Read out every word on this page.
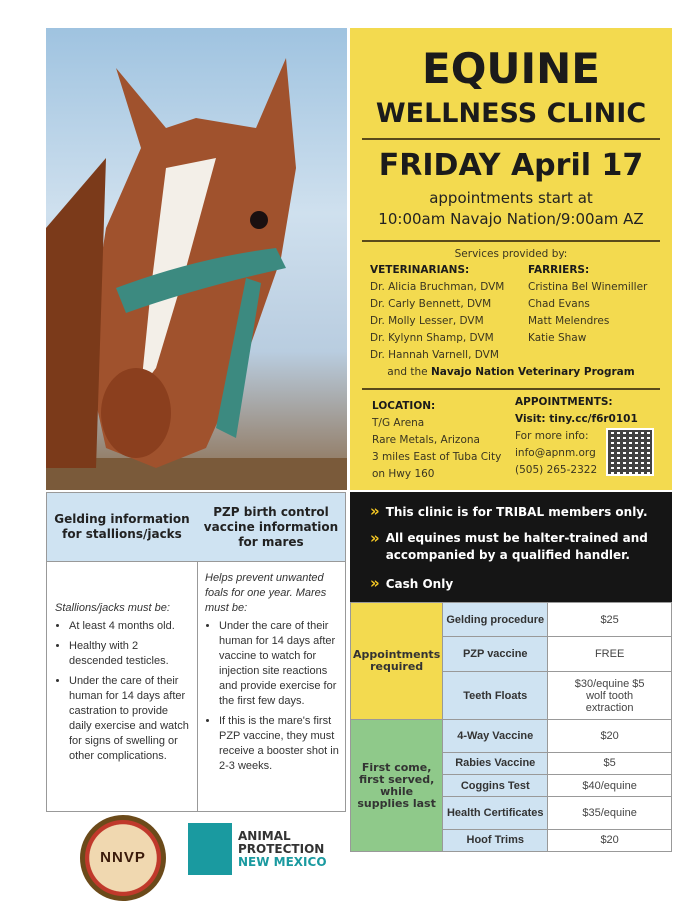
EQUINE
WELLNESS CLINIC
FRIDAY April 17
appointments start at
10:00am Navajo Nation/9:00am AZ
Services provided by:
VETERINARIANS:
Dr. Alicia Bruchman, DVM
Dr. Carly Bennett, DVM
Dr. Molly Lesser, DVM
Dr. Kylynn Shamp, DVM
Dr. Hannah Varnell, DVM
FARRIERS:
Cristina Bel Winemiller
Chad Evans
Matt Melendres
Katie Shaw
and the Navajo Nation Veterinary Program
LOCATION:
T/G Arena
Rare Metals, Arizona
3 miles East of Tuba City
on Hwy 160
APPOINTMENTS:
Visit: tiny.cc/f6r0101
For more info:
info@apnm.org
(505) 265-2322
Gelding information for stallions/jacks
PZP birth control vaccine information for mares
Stallions/jacks must be:
• At least 4 months old.
• Healthy with 2 descended testicles.
• Under the care of their human for 14 days after castration to provide daily exercise and watch for signs of swelling or other complications.
Helps prevent unwanted foals for one year. Mares must be:
• Under the care of their human for 14 days after vaccine to watch for injection site reactions and provide exercise for the first few days.
• If this is the mare's first PZP vaccine, they must receive a booster shot in 2-3 weeks.
» This clinic is for TRIBAL members only.
» All equines must be halter-trained and accompanied by a qualified handler.
» Cash Only
Appointments required	Gelding procedure	$25
	PZP vaccine	FREE
	Teeth Floats	$30/equine $5 wolf tooth extraction
First come, first served, while supplies last	4-Way Vaccine	$20
	Rabies Vaccine	$5
	Coggins Test	$40/equine
	Health Certificates	$35/equine
	Hoof Trims	$20
NNVP
ANIMAL
PROTECTION
NEW MEXICO
